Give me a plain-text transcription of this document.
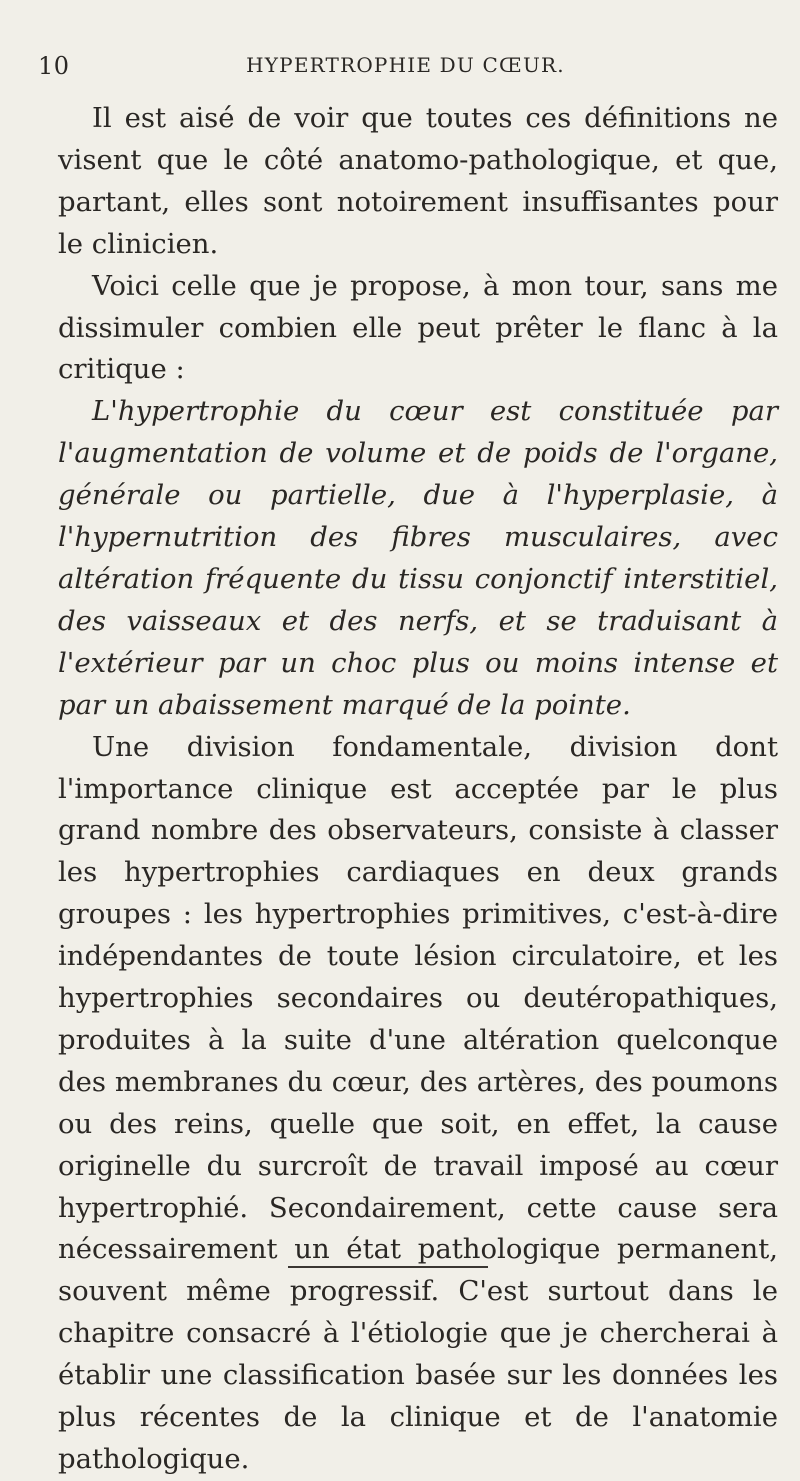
10	HYPERTROPHIE DU CŒUR.

Il est aisé de voir que toutes ces définitions ne visent que le côté anatomo-pathologique, et que, partant, elles sont notoirement insuffisantes pour le clinicien.

Voici celle que je propose, à mon tour, sans me dissimuler combien elle peut prêter le flanc à la critique :

L'hypertrophie du cœur est constituée par l'augmentation de volume et de poids de l'organe, générale ou partielle, due à l'hyperplasie, à l'hypernutrition des fibres musculaires, avec altération fréquente du tissu conjonctif interstitiel, des vaisseaux et des nerfs, et se traduisant à l'extérieur par un choc plus ou moins intense et par un abaissement marqué de la pointe.

Une division fondamentale, division dont l'importance clinique est acceptée par le plus grand nombre des observateurs, consiste à classer les hypertrophies cardiaques en deux grands groupes : les hypertrophies primitives, c'est-à-dire indépendantes de toute lésion circulatoire, et les hypertrophies secondaires ou deutéropathiques, produites à la suite d'une altération quelconque des membranes du cœur, des artères, des poumons ou des reins, quelle que soit, en effet, la cause originelle du surcroît de travail imposé au cœur hypertrophié. Secondairement, cette cause sera nécessairement un état pathologique permanent, souvent même progressif. C'est surtout dans le chapitre consacré à l'étiologie que je chercherai à établir une classification basée sur les données les plus récentes de la clinique et de l'anatomie pathologique.
